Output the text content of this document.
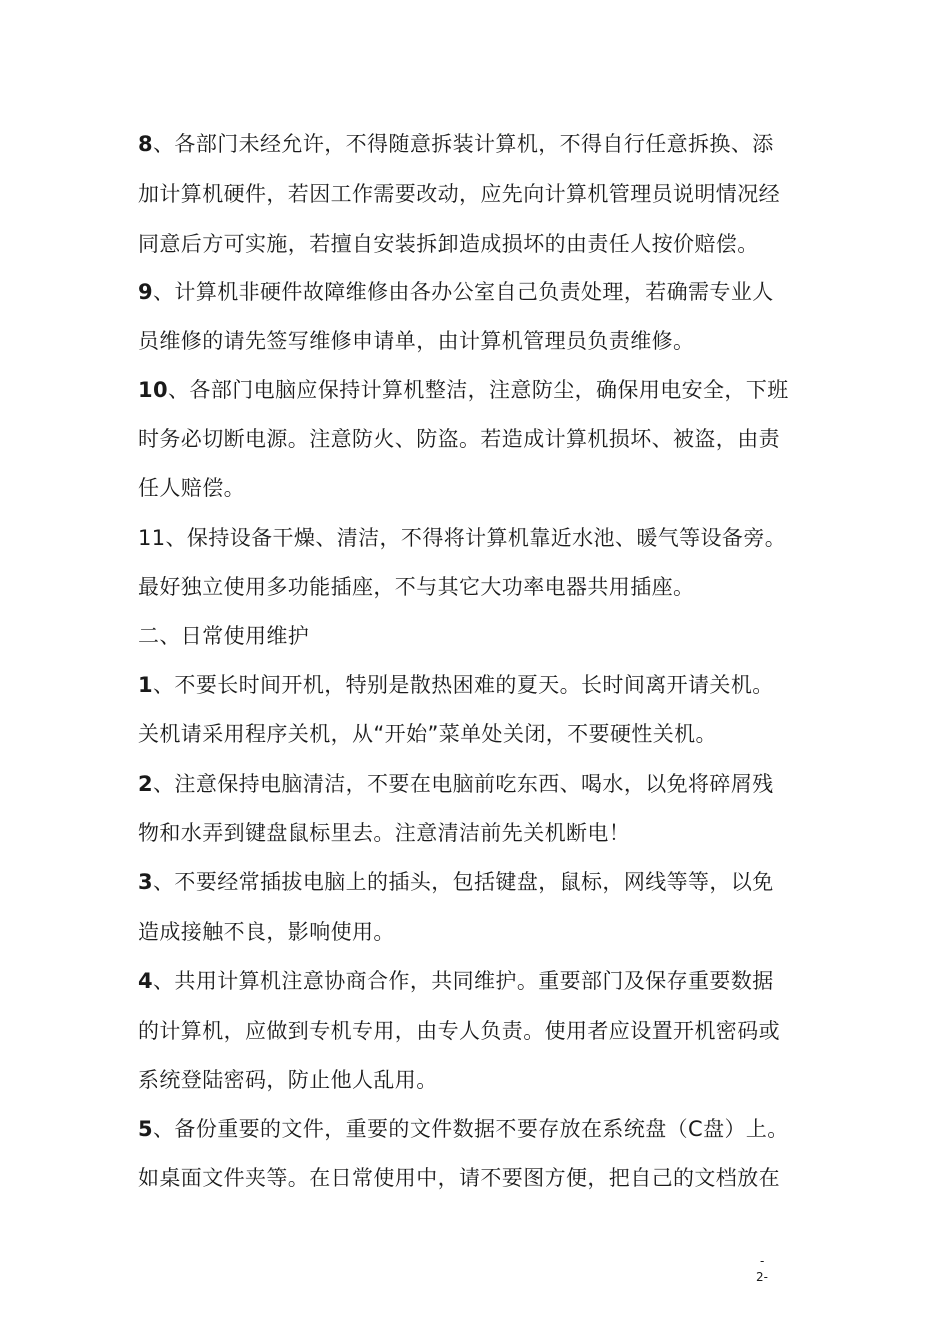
8、各部门未经允许，不得随意拆装计算机，不得自行任意拆换、添
加计算机硬件，若因工作需要改动，应先向计算机管理员说明情况经
同意后方可实施，若擅自安装拆卸造成损坏的由责任人按价赔偿。
9、计算机非硬件故障维修由各办公室自己负责处理，若确需专业人
员维修的请先签写维修申请单，由计算机管理员负责维修。
10、各部门电脑应保持计算机整洁，注意防尘，确保用电安全，下班
时务必切断电源。注意防火、防盗。若造成计算机损坏、被盗，由责
任人赔偿。
11、保持设备干燥、清洁，不得将计算机靠近水池、暖气等设备旁。
最好独立使用多功能插座，不与其它大功率电器共用插座。
二、日常使用维护
1、不要长时间开机，特别是散热困难的夏天。长时间离开请关机。
关机请采用程序关机，从“开始”菜单处关闭，不要硬性关机。
2、注意保持电脑清洁，不要在电脑前吃东西、喝水，以免将碎屑残
物和水弄到键盘鼠标里去。注意清洁前先关机断电！
3、不要经常插拔电脑上的插头，包括键盘，鼠标，网线等等，以免
造成接触不良，影响使用。
4、共用计算机注意协商合作，共同维护。重要部门及保存重要数据
的计算机，应做到专机专用，由专人负责。使用者应设置开机密码或
系统登陆密码，防止他人乱用。
5、备份重要的文件，重要的文件数据不要存放在系统盘（C盘）上。
如桌面文件夹等。在日常使用中，请不要图方便，把自己的文档放在
-
2-
